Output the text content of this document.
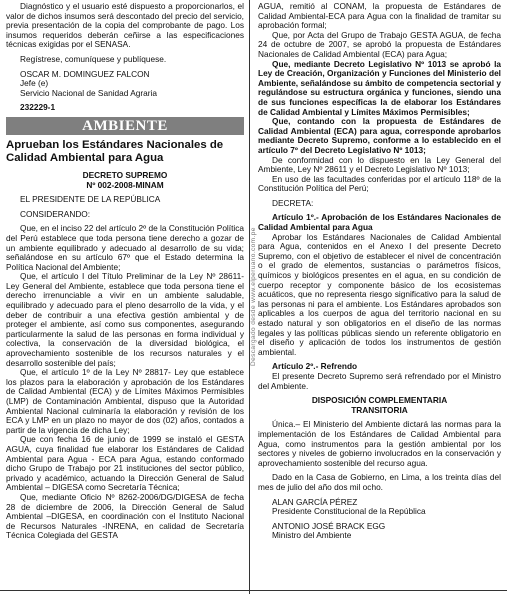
Diagnóstico y el usuario esté dispuesto a proporcionarlos, el valor de dichos insumos será descontado del precio del servicio, previa presentación de la copia del comprobante de pago. Los insumos requeridos deberán ceñirse a las especificaciones técnicas exigidas por el SENASA.

Regístrese, comuníquese y publíquese.

OSCAR M. DOMINGUEZ FALCON

Jefe (e)

Servicio Nacional de Sanidad Agraria

232229-1

AMBIENTE
Aprueban los Estándares Nacionales de Calidad Ambiental para Agua

DECRETO SUPREMO

Nº 002-2008-MINAM

EL PRESIDENTE DE LA REPÚBLICA

CONSIDERANDO:

Que, en el inciso 22 del artículo 2º de la Constitución Política del Perú establece que toda persona tiene derecho a gozar de un ambiente equilibrado y adecuado al desarrollo de su vida; señalándose en su artículo 67º que el Estado determina la Política Nacional del Ambiente;

Que, el artículo I del Título Preliminar de la Ley Nº 28611- Ley General del Ambiente, establece que toda persona tiene el derecho irrenunciable a vivir en un ambiente saludable, equilibrado y adecuado para el pleno desarrollo de la vida, y el deber de contribuir a una efectiva gestión ambiental y de proteger el ambiente, así como sus componentes, asegurando particularmente la salud de las personas en forma individual y colectiva, la conservación de la diversidad biológica, el aprovechamiento sostenible de los recursos naturales y el desarrollo sostenible del país;

Que, el artículo 1º de la Ley Nº 28817- Ley que establece los plazos para la elaboración y aprobación de los Estándares de Calidad Ambiental (ECA) y de Límites Máximos Permisibles (LMP) de Contaminación Ambiental, dispuso que la Autoridad Ambiental Nacional culminaría la elaboración y revisión de los ECA y LMP en un plazo no mayor de dos (02) años, contados a partir de la vigencia de dicha Ley;

Que con fecha 16 de junio de 1999 se instaló el GESTA AGUA, cuya finalidad fue elaborar los Estándares de Calidad Ambiental para Agua - ECA para Agua, estando conformado dicho Grupo de Trabajo por 21 instituciones del sector público, privado y académico, actuando la Dirección General de Salud Ambiental – DIGESA como Secretaría Técnica;

Que, mediante Oficio Nº 8262-2006/DG/DIGESA de fecha 28 de diciembre de 2006, la Dirección General de Salud Ambiental –DIGESA, en coordinación con el Instituto Nacional de Recursos Naturales -INRENA, en calidad de Secretaría Técnica Colegiada del GESTA

Descargado desde www.elperuano.com.pe

AGUA, remitió al CONAM, la propuesta de Estándares de Calidad Ambiental-ECA para Agua con la finalidad de tramitar su aprobación formal;

Que, por Acta del Grupo de Trabajo GESTA AGUA, de fecha 24 de octubre de 2007, se aprobó la propuesta de Estándares Nacionales de Calidad Ambiental (ECA) para Agua;

Que, mediante Decreto Legislativo Nº 1013 se aprobó la Ley de Creación, Organización y Funciones del Ministerio del Ambiente, señalándose su ámbito de competencia sectorial y regulándose su estructura orgánica y funciones, siendo una de sus funciones específicas la de elaborar los Estándares de Calidad Ambiental y Límites Máximos Permisibles;

Que, contando con la propuesta de Estándares de Calidad Ambiental (ECA) para agua, corresponde aprobarlos mediante Decreto Supremo, conforme a lo establecido en el artículo 7º del Decreto Legislativo Nº 1013;

De conformidad con lo dispuesto en la Ley General del Ambiente, Ley Nº 28611 y el Decreto Legislativo Nº 1013;

En uso de las facultades conferidas por el artículo 118º de la Constitución Política del Perú;

DECRETA:

Artículo 1º.- Aprobación de los Estándares Nacionales de Calidad Ambiental para Agua

Aprobar los Estándares Nacionales de Calidad Ambiental para Agua, contenidos en el Anexo I del presente Decreto Supremo, con el objetivo de establecer el nivel de concentración o el grado de elementos, sustancias o parámetros físicos, químicos y biológicos presentes en el agua, en su condición de cuerpo receptor y componente básico de los ecosistemas acuáticos, que no representa riesgo significativo para la salud de las personas ni para el ambiente. Los Estándares aprobados son aplicables a los cuerpos de agua del territorio nacional en su estado natural y son obligatorios en el diseño de las normas legales y las políticas públicas siendo un referente obligatorio en el diseño y aplicación de todos los instrumentos de gestión ambiental.

Artículo 2º.- Refrendo

El presente Decreto Supremo será refrendado por el Ministro del Ambiente.

DISPOSICIÓN COMPLEMENTARIA

TRANSITORIA

Única.– El Ministerio del Ambiente dictará las normas para la implementación de los Estándares de Calidad Ambiental para Agua, como instrumentos para la gestión ambiental por los sectores y niveles de gobierno involucrados en la conservación y aprovechamiento sostenible del recurso agua.

Dado en la Casa de Gobierno, en Lima, a los treinta días del mes de julio del año dos mil ocho.

ALAN GARCÍA PÉREZ

Presidente Constitucional de la República

ANTONIO JOSÉ BRACK EGG

Ministro del Ambiente
